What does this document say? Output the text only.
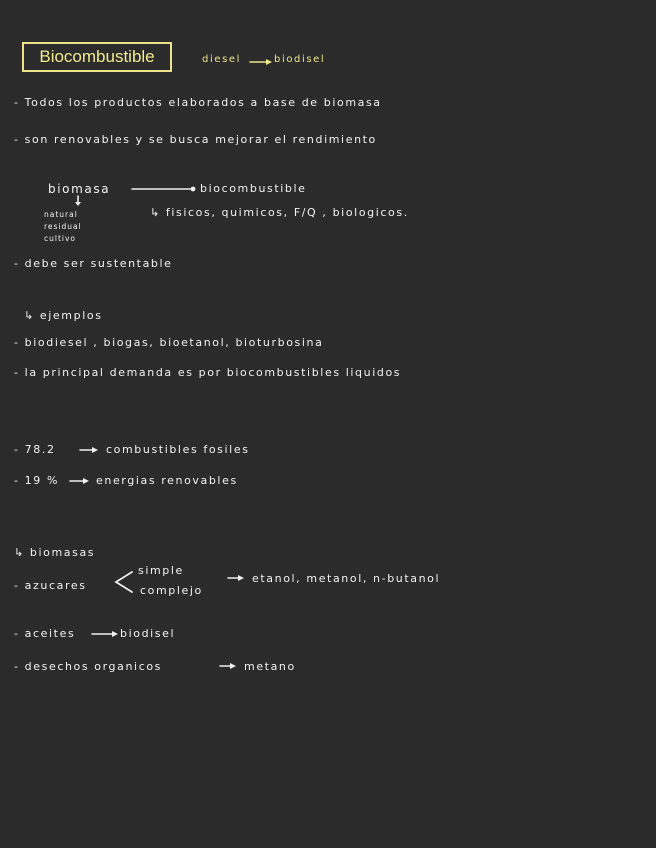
Biocombustible	diesel	biodisel
- Todos los productos elaborados a base de biomasa
- son renovables y se busca mejorar el rendimiento
biomasa	biocombustible
natural
residual
cultivo
↳ fisicos, quimicos, F/Q , biologicos.
- debe ser sustentable
↳ ejemplos
- biodiesel , biogas, bioetanol, bioturbosina
- la principal demanda es por biocombustibles liquidos
- 78.2	combustibles fosiles
- 19 %	energias renovables
↳ biomasas
- azucares
simple
complejo
etanol, metanol, n-butanol
- aceites	biodisel
- desechos organicos	metano
